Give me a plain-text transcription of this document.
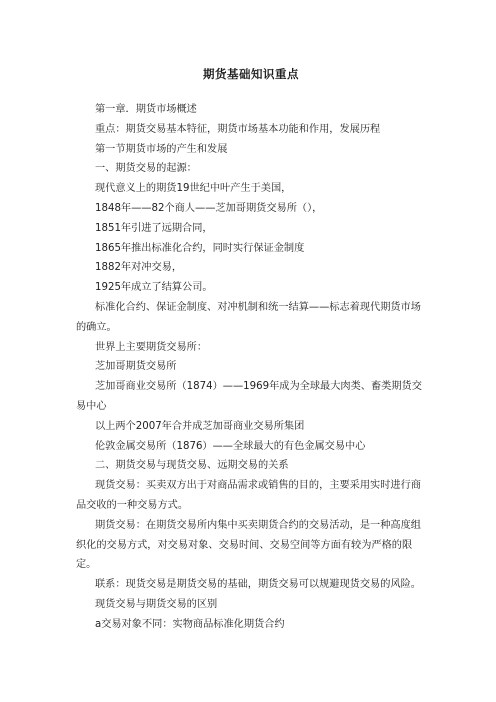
期货基础知识重点

第一章．期货市场概述

重点：期货交易基本特征，期货市场基本功能和作用，发展历程

第一节期货市场的产生和发展

一、期货交易的起源：

现代意义上的期货19世纪中叶产生于美国，

1848年——82个商人——芝加哥期货交易所（），

1851年引进了远期合同，

1865年推出标准化合约，同时实行保证金制度

1882年对冲交易，

1925年成立了结算公司。

标准化合约、保证金制度、对冲机制和统一结算——标志着现代期货市场的确立。

世界上主要期货交易所：

芝加哥期货交易所

芝加哥商业交易所（1874）——1969年成为全球最大肉类、畜类期货交易中心

以上两个2007年合并成芝加哥商业交易所集团

伦敦金属交易所（1876）——全球最大的有色金属交易中心

二、期货交易与现货交易、远期交易的关系

现货交易：买卖双方出于对商品需求或销售的目的，主要采用实时进行商品交收的一种交易方式。

期货交易：在期货交易所内集中买卖期货合约的交易活动，是一种高度组织化的交易方式，对交易对象、交易时间、交易空间等方面有较为严格的限定。

联系：现货交易是期货交易的基础，期货交易可以规避现货交易的风险。

现货交易与期货交易的区别

a交易对象不同：实物商品标准化期货合约
